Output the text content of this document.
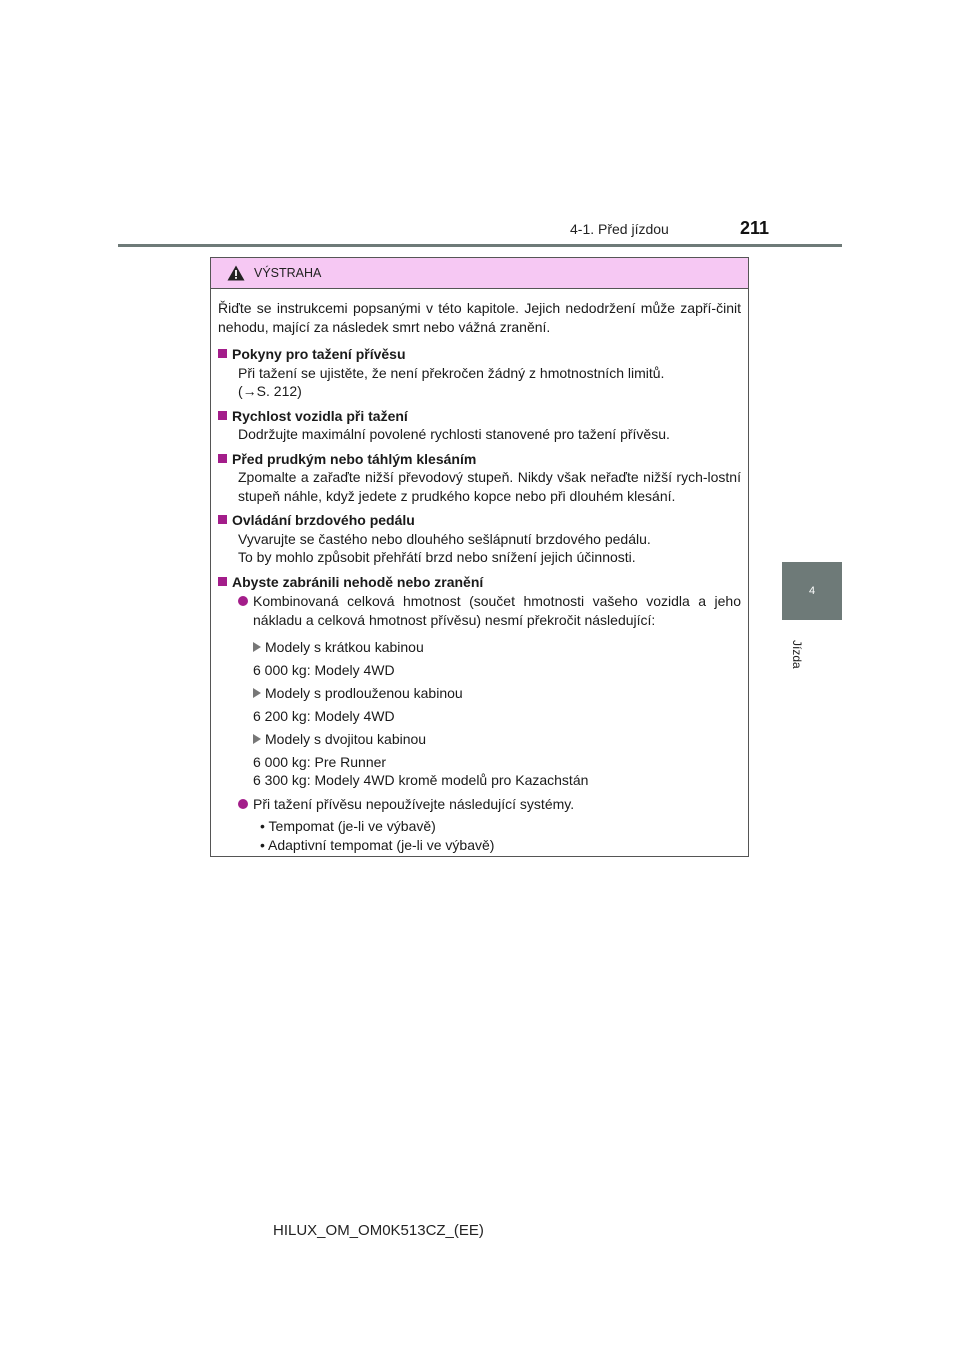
4-1. Před jízdou	211
4
Jízda
VÝSTRAHA
Řiďte se instrukcemi popsanými v této kapitole. Jejich nedodržení může zapří-činit nehodu, mající za následek smrt nebo vážná zranění.
Pokyny pro tažení přívěsu
Při tažení se ujistěte, že není překročen žádný z hmotnostních limitů.
(→S. 212)
Rychlost vozidla při tažení
Dodržujte maximální povolené rychlosti stanovené pro tažení přívěsu.
Před prudkým nebo táhlým klesáním
Zpomalte a zařaďte nižší převodový stupeň. Nikdy však neřaďte nižší rych-lostní stupeň náhle, když jedete z prudkého kopce nebo při dlouhém klesání.
Ovládání brzdového pedálu
Vyvarujte se častého nebo dlouhého sešlápnutí brzdového pedálu.
To by mohlo způsobit přehřátí brzd nebo snížení jejich účinnosti.
Abyste zabránili nehodě nebo zranění
Kombinovaná celková hmotnost (součet hmotnosti vašeho vozidla a jeho nákladu a celková hmotnost přívěsu) nesmí překročit následující:
Modely s krátkou kabinou
6 000 kg: Modely 4WD
Modely s prodlouženou kabinou
6 200 kg: Modely 4WD
Modely s dvojitou kabinou
6 000 kg: Pre Runner
6 300 kg: Modely 4WD kromě modelů pro Kazachstán
Při tažení přívěsu nepoužívejte následující systémy.
• Tempomat (je-li ve výbavě)
• Adaptivní tempomat (je-li ve výbavě)
HILUX_OM_OM0K513CZ_(EE)
